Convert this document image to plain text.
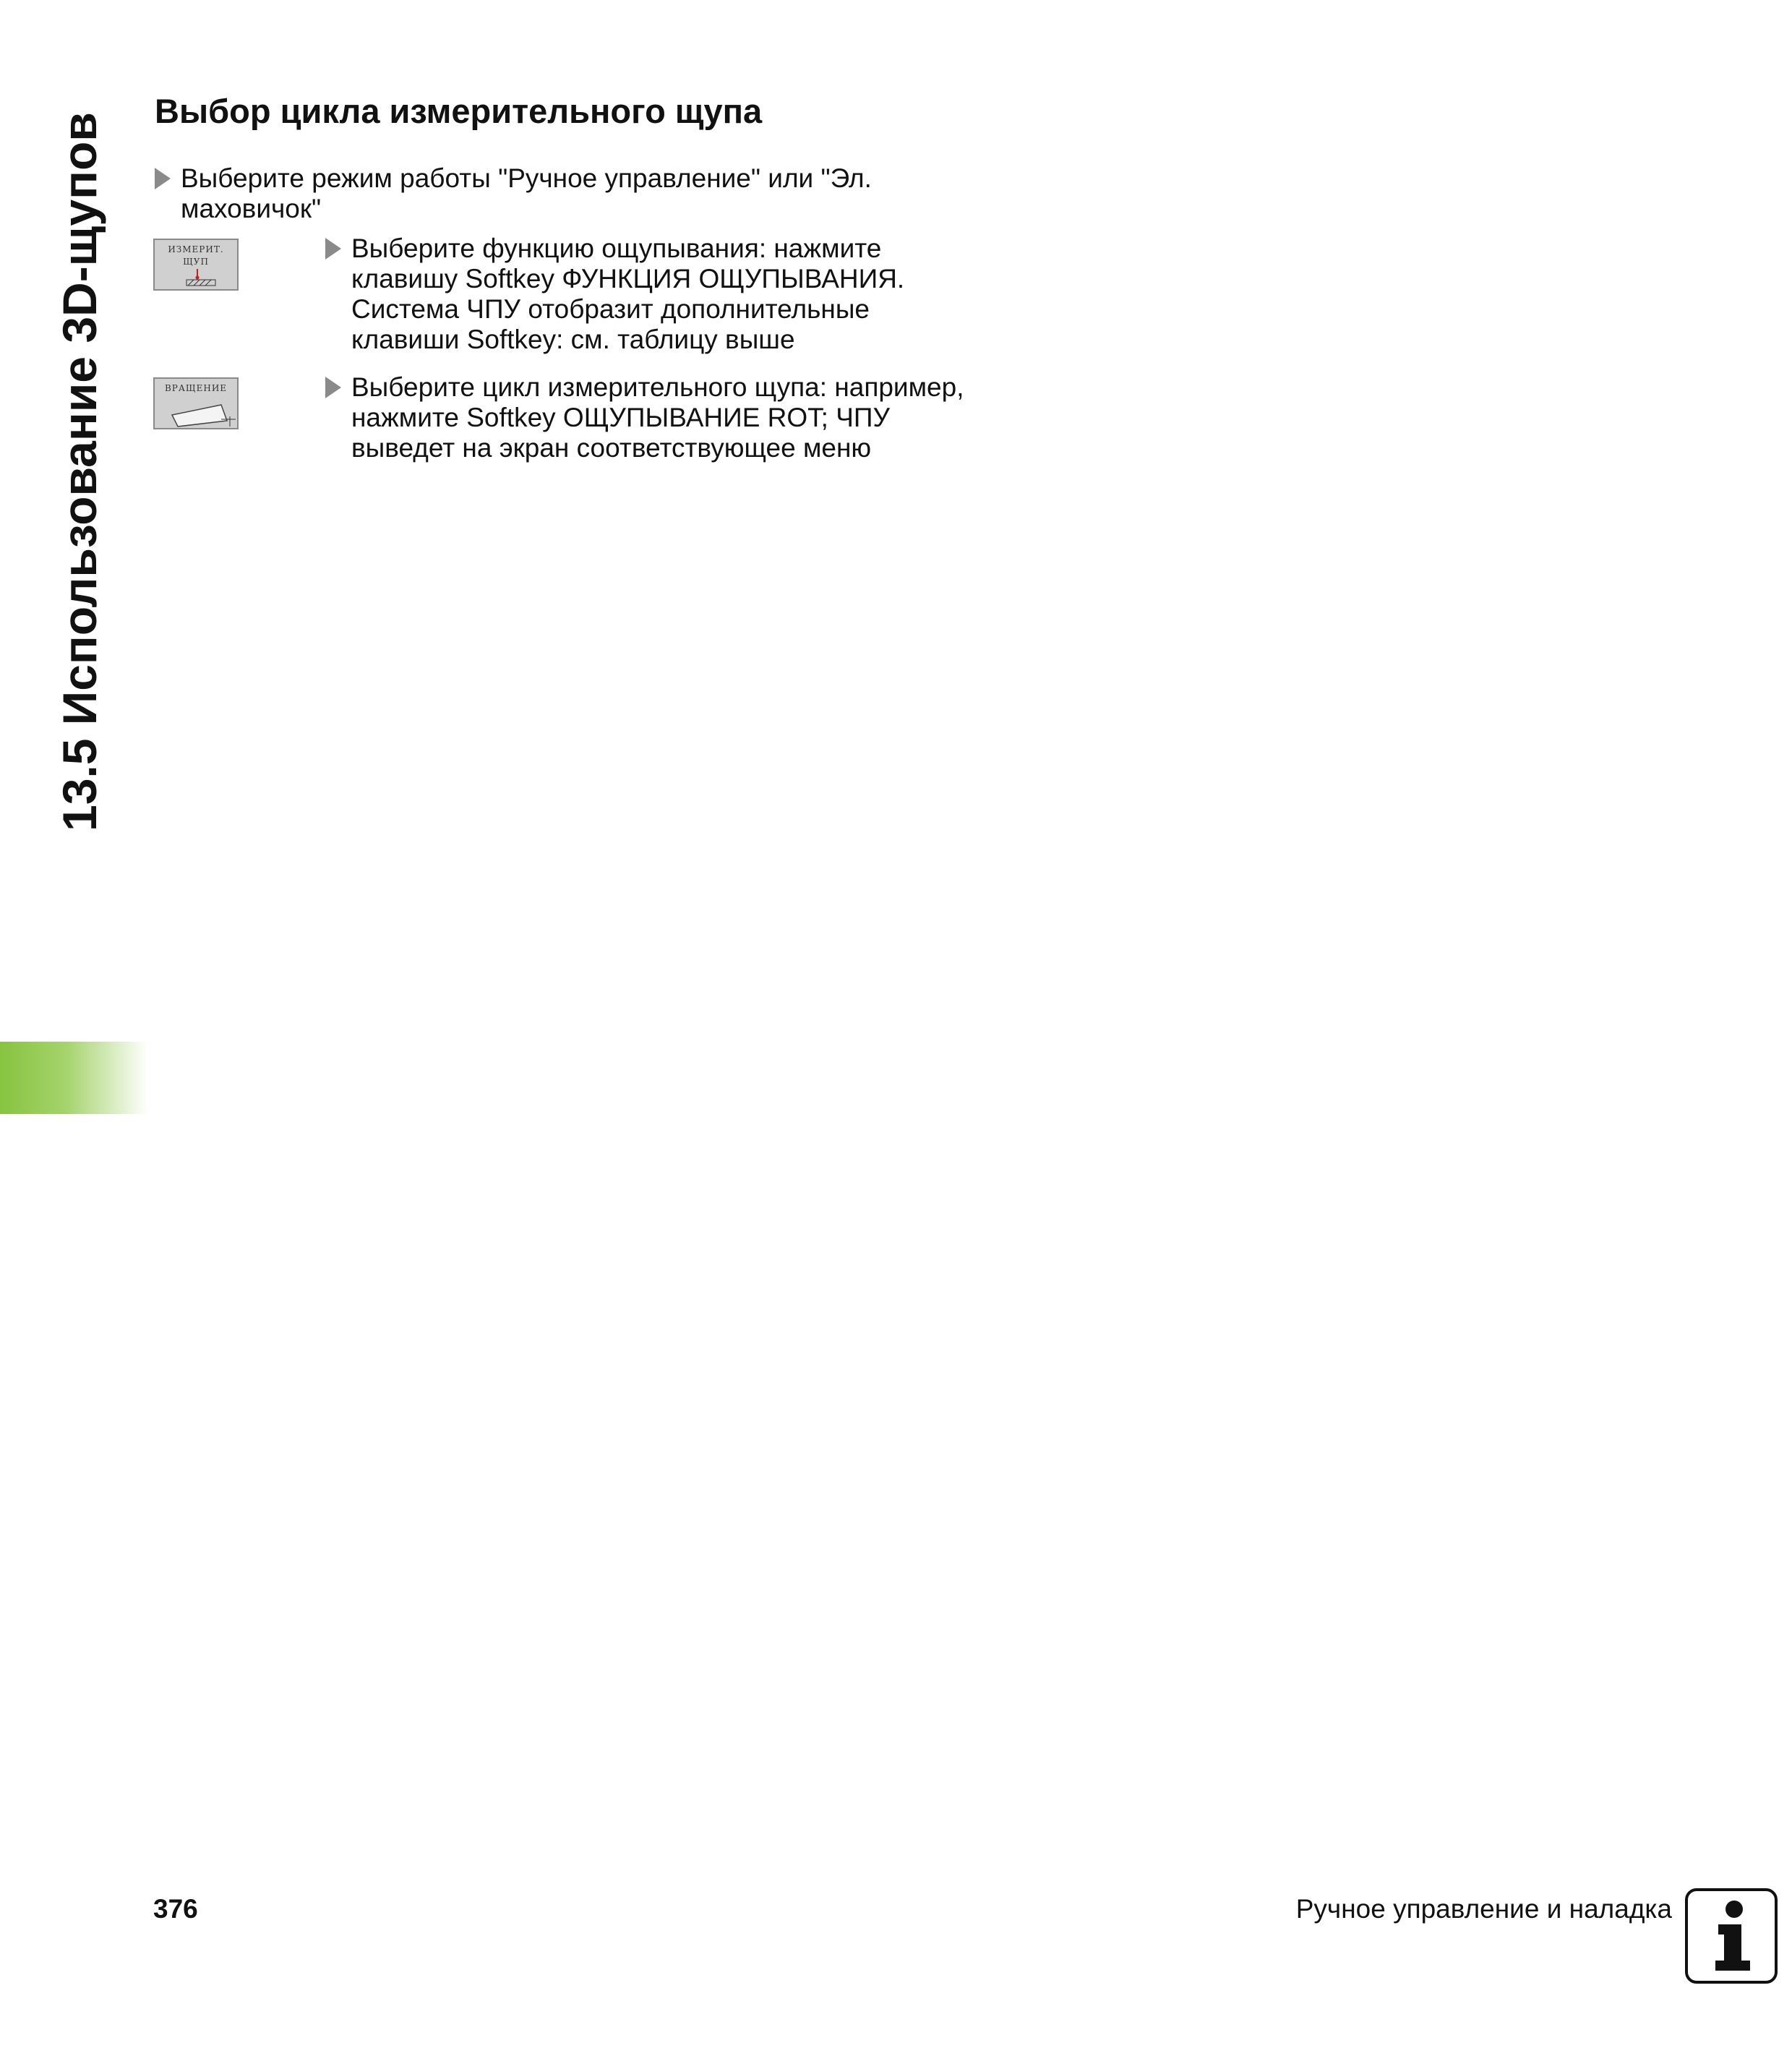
13.5 Использование 3D-щупов
Выбор цикла измерительного щупа
Выберите режим работы "Ручное управление" или "Эл. маховичок"
ИЗМЕРИТ.
ЩУП	Выберите функцию ощупывания: нажмите клавишу Softkey ФУНКЦИЯ ОЩУПЫВАНИЯ. Система ЧПУ отобразит дополнительные клавиши Softkey: см. таблицу выше
ВРАЩЕНИЕ	Выберите цикл измерительного щупа: например, нажмите Softkey ОЩУПЫВАНИЕ ROT; ЧПУ выведет на экран соответствующее меню
376	Ручное управление и наладка
